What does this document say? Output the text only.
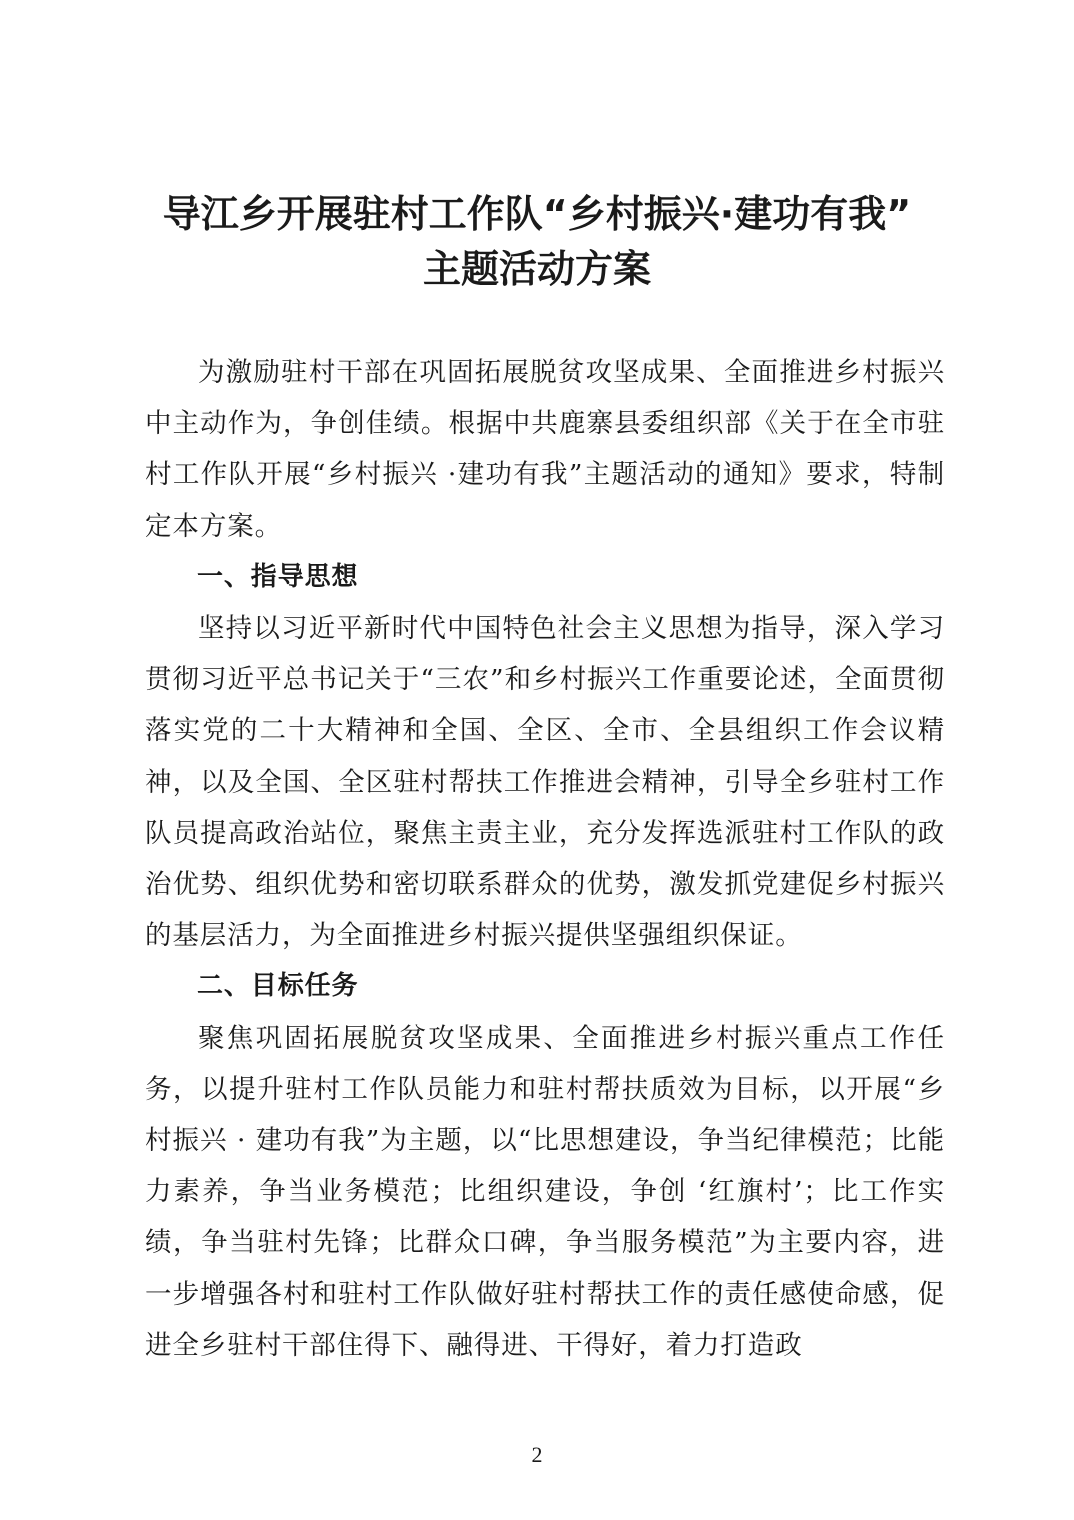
导江乡开展驻村工作队“乡村振兴·建功有我”
主题活动方案

为激励驻村干部在巩固拓展脱贫攻坚成果、全面推进乡村振兴中主动作为，争创佳绩。根据中共鹿寨县委组织部《关于在全市驻村工作队开展“乡村振兴 ·建功有我”主题活动的通知》要求，特制定本方案。

一、指导思想

坚持以习近平新时代中国特色社会主义思想为指导，深入学习贯彻习近平总书记关于“三农”和乡村振兴工作重要论述，全面贯彻落实党的二十大精神和全国、全区、全市、全县组织工作会议精神，以及全国、全区驻村帮扶工作推进会精神，引导全乡驻村工作队员提高政治站位，聚焦主责主业，充分发挥选派驻村工作队的政治优势、组织优势和密切联系群众的优势，激发抓党建促乡村振兴的基层活力，为全面推进乡村振兴提供坚强组织保证。

二、目标任务

聚焦巩固拓展脱贫攻坚成果、全面推进乡村振兴重点工作任务，以提升驻村工作队员能力和驻村帮扶质效为目标，以开展“乡村振兴 · 建功有我”为主题，以“比思想建设，争当纪律模范；比能力素养，争当业务模范；比组织建设，争创 ‘红旗村’；比工作实绩，争当驻村先锋；比群众口碑，争当服务模范”为主要内容，进一步增强各村和驻村工作队做好驻村帮扶工作的责任感使命感，促进全乡驻村干部住得下、融得进、干得好，着力打造政

2
